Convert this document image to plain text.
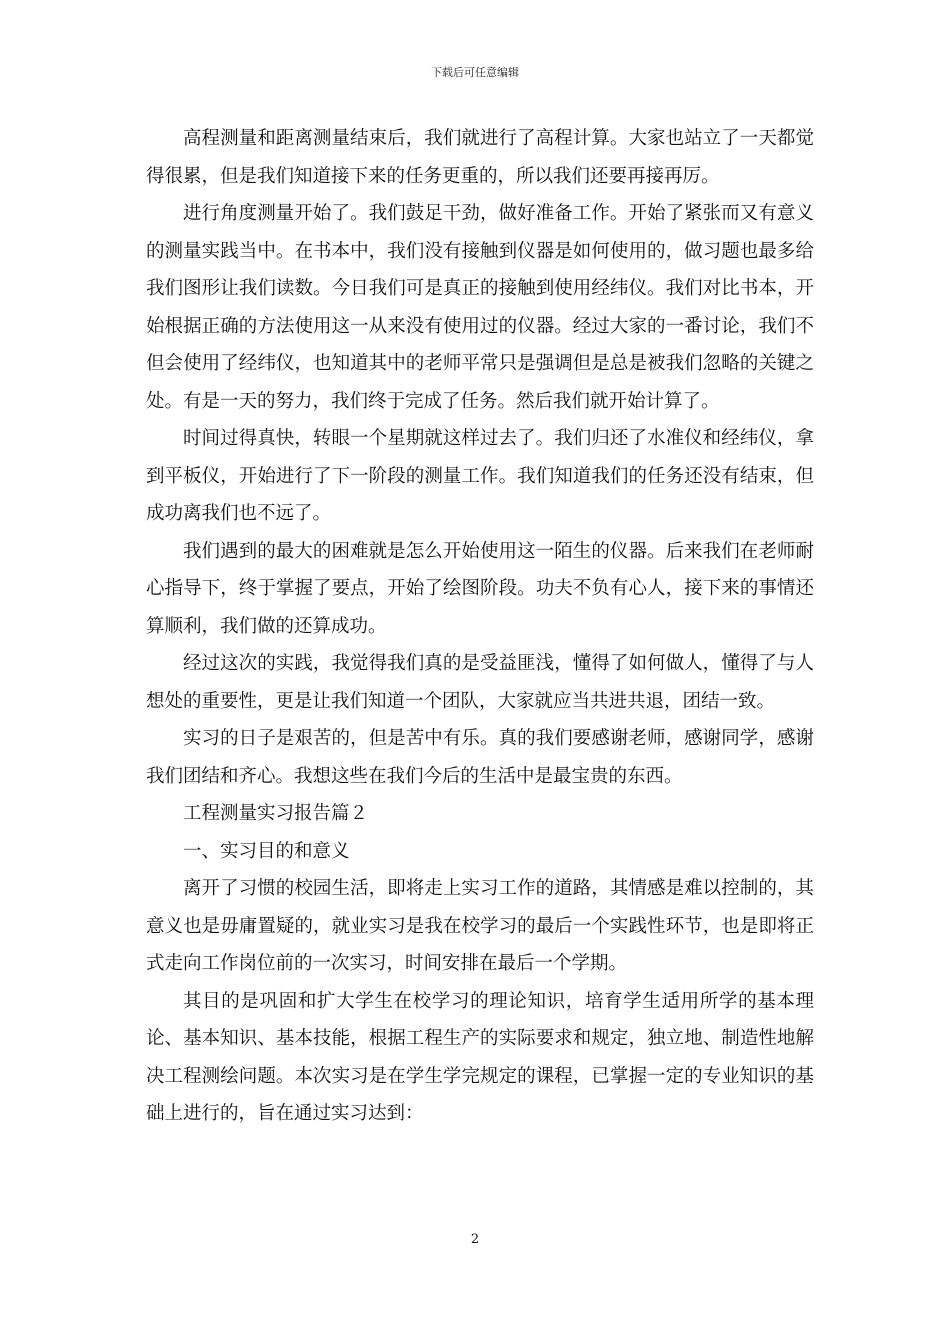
下载后可任意编辑

高程测量和距离测量结束后，我们就进行了高程计算。大家也站立了一天都觉得很累，但是我们知道接下来的任务更重的，所以我们还要再接再厉。

进行角度测量开始了。我们鼓足干劲，做好准备工作。开始了紧张而又有意义的测量实践当中。在书本中，我们没有接触到仪器是如何使用的，做习题也最多给我们图形让我们读数。今日我们可是真正的接触到使用经纬仪。我们对比书本，开始根据正确的方法使用这一从来没有使用过的仪器。经过大家的一番讨论，我们不但会使用了经纬仪，也知道其中的老师平常只是强调但是总是被我们忽略的关键之处。有是一天的努力，我们终于完成了任务。然后我们就开始计算了。

时间过得真快，转眼一个星期就这样过去了。我们归还了水准仪和经纬仪，拿到平板仪，开始进行了下一阶段的测量工作。我们知道我们的任务还没有结束，但成功离我们也不远了。

我们遇到的最大的困难就是怎么开始使用这一陌生的仪器。后来我们在老师耐心指导下，终于掌握了要点，开始了绘图阶段。功夫不负有心人，接下来的事情还算顺利，我们做的还算成功。

经过这次的实践，我觉得我们真的是受益匪浅，懂得了如何做人，懂得了与人想处的重要性，更是让我们知道一个团队，大家就应当共进共退，团结一致。

实习的日子是艰苦的，但是苦中有乐。真的我们要感谢老师，感谢同学，感谢我们团结和齐心。我想这些在我们今后的生活中是最宝贵的东西。

工程测量实习报告篇２

一、实习目的和意义

离开了习惯的校园生活，即将走上实习工作的道路，其情感是难以控制的，其意义也是毋庸置疑的，就业实习是我在校学习的最后一个实践性环节，也是即将正式走向工作岗位前的一次实习，时间安排在最后一个学期。

其目的是巩固和扩大学生在校学习的理论知识，培育学生适用所学的基本理论、基本知识、基本技能，根据工程生产的实际要求和规定，独立地、制造性地解决工程测绘问题。本次实习是在学生学完规定的课程，已掌握一定的专业知识的基础上进行的，旨在通过实习达到：

2
